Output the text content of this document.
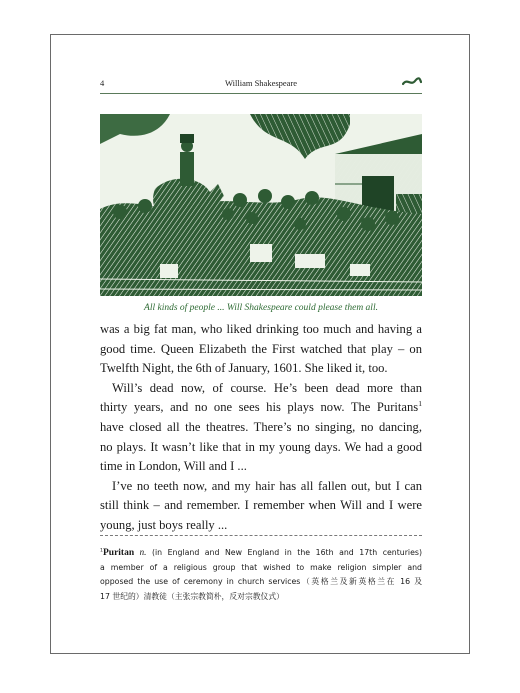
4	William Shakespeare
All kinds of people ... Will Shakespeare could please them all.
was a big fat man, who liked drinking too much and having a
good time. Queen Elizabeth the First watched that play – on
Twelfth Night, the 6th of January, 1601. She liked it, too.
Will’s dead now, of course. He’s been dead more than
thirty years, and no one sees his plays now. The Puritans$^1$
have closed all the theatres. There’s no singing, no dancing,
no plays. It wasn’t like that in my young days. We had a good
time in London, Will and I ...
I’ve no teeth now, and my hair has all fallen out, but I can
still think – and remember. I remember when Will and I were
young, just boys really ...
$^1$Puritan n. (in England and New England in the 16th and 17th centuries)
a member of a religious group that wished to make religion simpler and
opposed the use of ceremony in church services（英格兰及新英格兰在 16 及
17 世纪的）清教徒（主张宗教简朴，反对宗教仪式）
